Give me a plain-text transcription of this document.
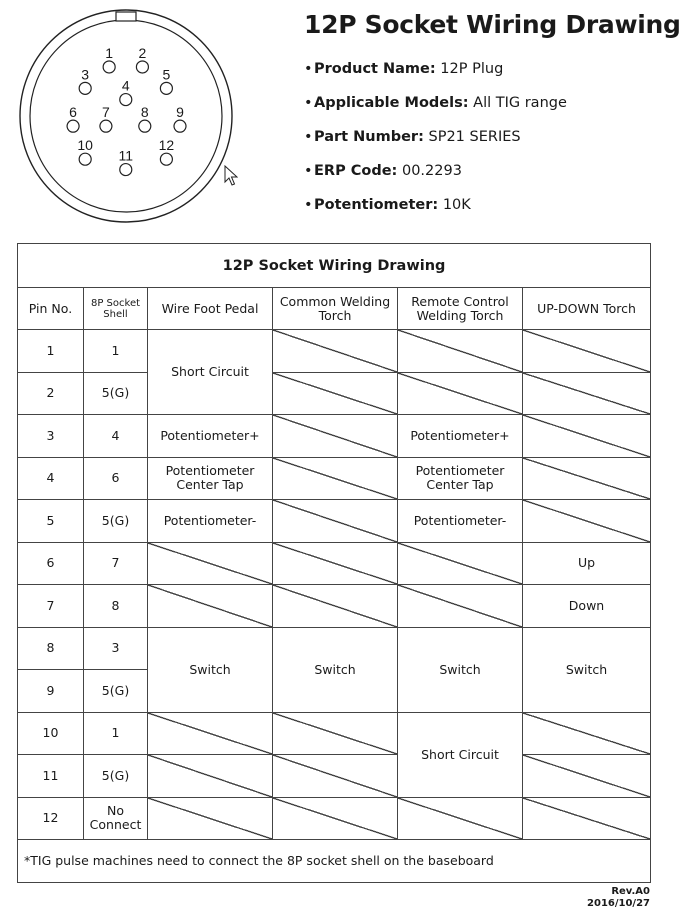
1 2
3
4
5
6 7 8 9
10
11
12
12P Socket Wiring Drawing
•Product Name: 12P Plug
•Applicable Models: All TIG range
•Part Number: SP21 SERIES
•ERP Code: 00.2293
•Potentiometer: 10K
12P Socket Wiring Drawing					
Pin No.	8P Socket Shell	Wire Foot Pedal	Common Welding Torch	Remote Control Welding Torch	UP-DOWN Torch
1	1	Short Circuit			
2	5(G)				
3	4	Potentiometer+		Potentiometer+	
4	6	Potentiometer Center Tap		Potentiometer Center Tap	
5	5(G)	Potentiometer-		Potentiometer-	
6	7				Up
7	8				Down
8	3	Switch	Switch	Switch	Switch
9	5(G)				
10	1			Short Circuit	
11	5(G)				
12	No Connect				
*TIG pulse machines need to connect the 8P socket shell on the baseboard					
Rev.A0
2016/10/27
